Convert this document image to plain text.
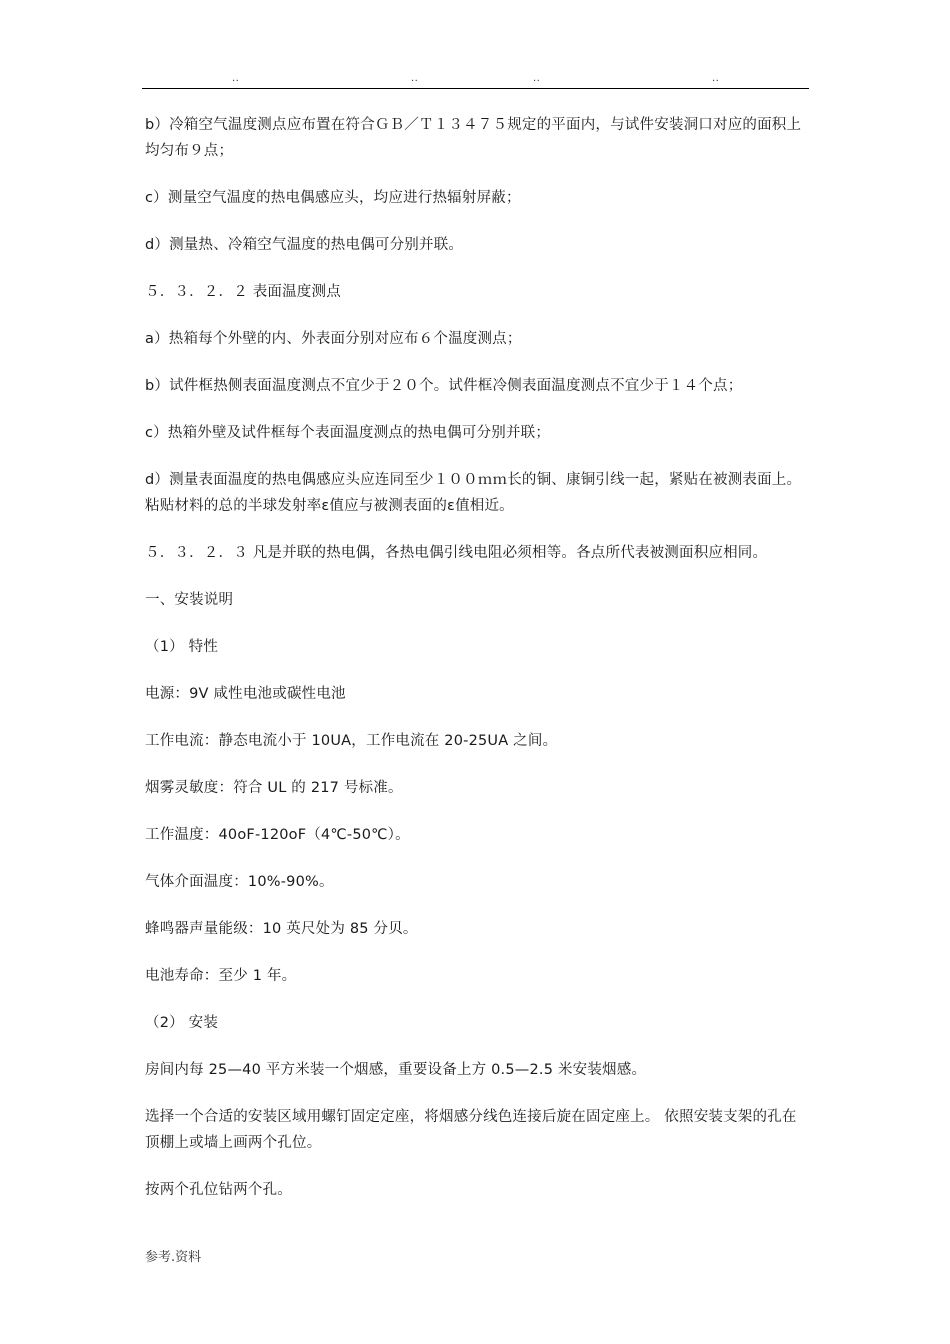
..	..	..	..

b）冷箱空气温度测点应布置在符合ＧＢ／Ｔ１３４７５规定的平面内，与试件安装洞口对应的面积上均匀布９点；

c）测量空气温度的热电偶感应头，均应进行热辐射屏蔽；

d）测量热、冷箱空气温度的热电偶可分别并联。

５．３．２．２ 表面温度测点

a）热箱每个外壁的内、外表面分别对应布６个温度测点；

b）试件框热侧表面温度测点不宜少于２０个。试件框冷侧表面温度测点不宜少于１４个点；

c）热箱外壁及试件框每个表面温度测点的热电偶可分别并联；

d）测量表面温度的热电偶感应头应连同至少１００ｍｍ长的铜、康铜引线一起，紧贴在被测表面上。粘贴材料的总的半球发射率ε值应与被测表面的ε值相近。

５．３．２．３ 凡是并联的热电偶，各热电偶引线电阻必须相等。各点所代表被测面积应相同。

一、安装说明

（1） 特性

电源：9V 咸性电池或碳性电池

工作电流：静态电流小于 10UA，工作电流在 20-25UA 之间。

烟雾灵敏度：符合 UL 的 217 号标准。

工作温度：40oF-120oF（4℃-50℃）。

气体介面温度：10%-90%。

蜂鸣器声量能级：10 英尺处为 85 分贝。

电池寿命：至少 1 年。

（2） 安装

房间内每 25—40 平方米装一个烟感，重要设备上方 0.5—2.5 米安装烟感。

选择一个合适的安装区域用螺钉固定定座，将烟感分线色连接后旋在固定座上。 依照安装支架的孔在顶棚上或墙上画两个孔位。

按两个孔位钻两个孔。

参考.资料
